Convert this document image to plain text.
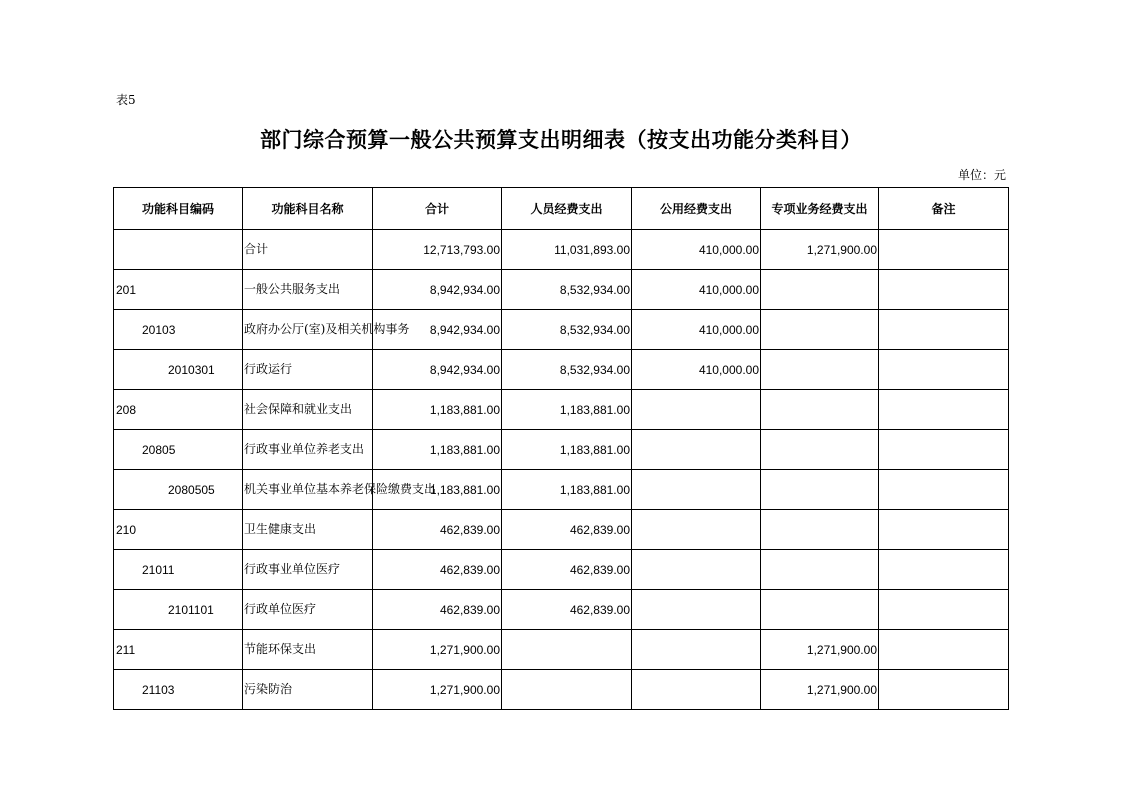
表5
部门综合预算一般公共预算支出明细表（按支出功能分类科目）
单位：元
功能科目编码	功能科目名称	合计	人员经费支出	公用经费支出	专项业务经费支出	备注
	合计	12,713,793.00	11,031,893.00	410,000.00	1,271,900.00	
201	一般公共服务支出	8,942,934.00	8,532,934.00	410,000.00		
20103	政府办公厅(室)及相关机构事务	8,942,934.00	8,532,934.00	410,000.00		
2010301	行政运行	8,942,934.00	8,532,934.00	410,000.00		
208	社会保障和就业支出	1,183,881.00	1,183,881.00			
20805	行政事业单位养老支出	1,183,881.00	1,183,881.00			
2080505	机关事业单位基本养老保险缴费支出	1,183,881.00	1,183,881.00			
210	卫生健康支出	462,839.00	462,839.00			
21011	行政事业单位医疗	462,839.00	462,839.00			
2101101	行政单位医疗	462,839.00	462,839.00			
211	节能环保支出	1,271,900.00			1,271,900.00	
21103	污染防治	1,271,900.00			1,271,900.00	
